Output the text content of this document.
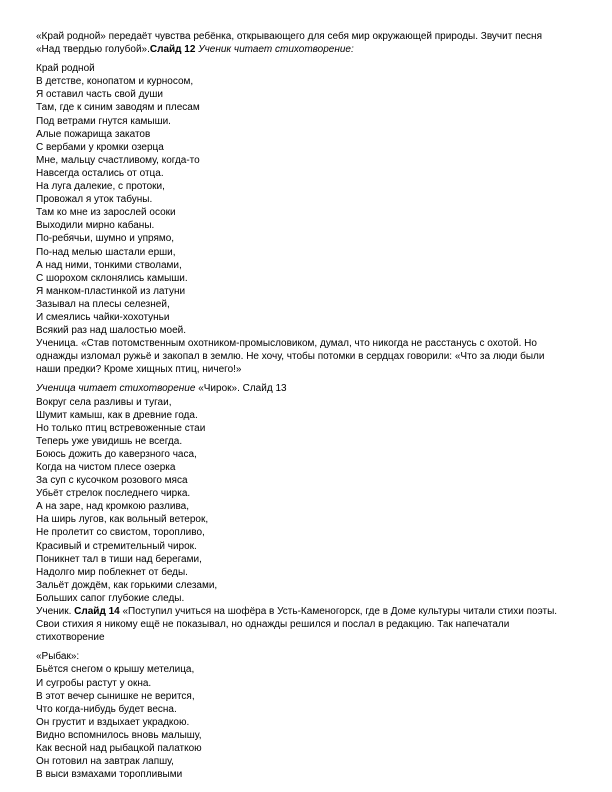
«Край родной» передаёт чувства ребёнка, открывающего для себя мир окружающей природы. Звучит песня
«Над твердью голубой».Слайд 12 Ученик читает стихотворение:
Край родной
В детстве, конопатом и курносом,
Я оставил часть свой души
Там, где к синим заводям и плесам
Под ветрами гнутся камыши.
Алые пожарища закатов
С вербами у кромки озерца
Мне, мальцу счастливому, когда-то
Навсегда остались от отца.
На луга далекие, с протоки,
Провожал я уток табуны.
Там ко мне из зарослей осоки
Выходили мирно кабаны.
По-ребячьи, шумно и упрямо,
По-над мелью шастали ерши,
А над ними, тонкими стволами,
С шорохом склонялись камыши.
Я манком-пластинкой из латуни
Зазывал на плесы селезней,
И смеялись чайки-хохотуньи
Всякий раз над шалостью моей.
Ученица. «Став потомственным охотником-промысловиком, думал, что никогда не расстанусь с охотой. Но
однажды изломал ружьё и закопал в землю. Не хочу, чтобы потомки в сердцах говорили: «Что за люди были
наши предки? Кроме хищных птиц, ничего!»
Ученица читает стихотворение «Чирок». Слайд 13
Вокруг села разливы и тугаи,
Шумит камыш, как в древние года.
Но только птиц встревоженные стаи
Теперь уже увидишь не всегда.
Боюсь дожить до каверзного часа,
Когда на чистом плесе озерка
За суп с кусочком розового мяса
Убьёт стрелок последнего чирка.
А на заре, над кромкою разлива,
На ширь лугов, как вольный ветерок,
Не пролетит со свистом, торопливо,
Красивый и стремительный чирок.
Поникнет тал в тиши над берегами,
Надолго мир поблекнет от беды.
Зальёт дождём, как горькими слезами,
Больших сапог глубокие следы.
Ученик. Слайд 14 «Поступил учиться на шофёра в Усть-Каменогорск, где в Доме культуры читали стихи поэты.
Свои стихия я никому ещё не показывал, но однажды решился и послал в редакцию. Так напечатали
стихотворение
«Рыбак»:
Бьётся снегом о крышу метелица,
И сугробы растут у окна.
В этот вечер сынишке не верится,
Что когда-нибудь будет весна.
Он грустит и вздыхает украдкою.
Видно вспомнилось вновь малышу,
Как весной над рыбацкой палаткою
Он готовил на завтрак лапшу,
В выси взмахами торопливыми
